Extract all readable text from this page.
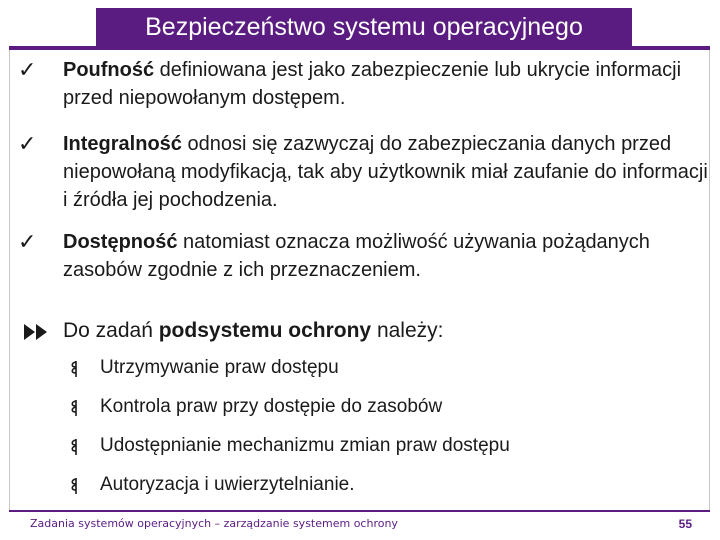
Bezpieczeństwo systemu operacyjnego
✓	Poufność definiowana jest jako zabezpieczenie lub ukrycie informacji przed niepowołanym dostępem.
✓	Integralność odnosi się zazwyczaj do zabezpieczania danych przed niepowołaną modyfikacją, tak aby użytkownik miał zaufanie do informacji i źródła jej pochodzenia.
✓	Dostępność natomiast oznacza możliwość używania pożądanych zasobów zgodnie z ich przeznaczeniem.
Do zadań podsystemu ochrony należy:
Utrzymywanie praw dostępu
Kontrola praw przy dostępie do zasobów
Udostępnianie mechanizmu zmian praw dostępu
Autoryzacja i uwierzytelnianie.
Zadania systemów operacyjnych – zarządzanie systemem ochrony	55
